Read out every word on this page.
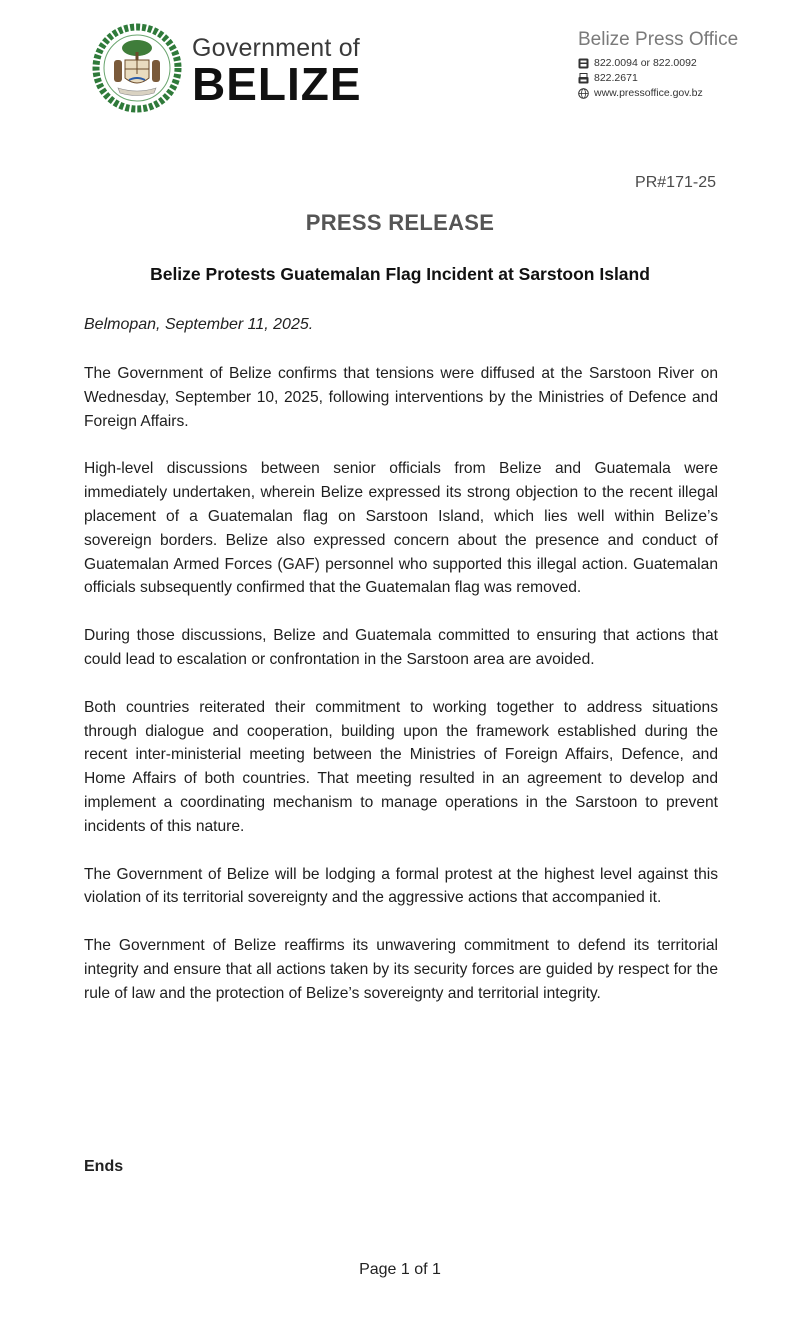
Government of
BELIZE
Belize Press Office
822.0094 or 822.0092
822.2671
www.pressoffice.gov.bz
PR#171-25
PRESS RELEASE
Belize Protests Guatemalan Flag Incident at Sarstoon Island
Belmopan, September 11, 2025.

The Government of Belize confirms that tensions were diffused at the Sarstoon River on Wednesday, September 10, 2025, following interventions by the Ministries of Defence and Foreign Affairs.

High-level discussions between senior officials from Belize and Guatemala were immediately undertaken, wherein Belize expressed its strong objection to the recent illegal placement of a Guatemalan flag on Sarstoon Island, which lies well within Belize’s sovereign borders. Belize also expressed concern about the presence and conduct of Guatemalan Armed Forces (GAF) personnel who supported this illegal action. Guatemalan officials subsequently confirmed that the Guatemalan flag was removed.

During those discussions, Belize and Guatemala committed to ensuring that actions that could lead to escalation or confrontation in the Sarstoon area are avoided.

Both countries reiterated their commitment to working together to address situations through dialogue and cooperation, building upon the framework established during the recent inter-ministerial meeting between the Ministries of Foreign Affairs, Defence, and Home Affairs of both countries. That meeting resulted in an agreement to develop and implement a coordinating mechanism to manage operations in the Sarstoon to prevent incidents of this nature.

The Government of Belize will be lodging a formal protest at the highest level against this violation of its territorial sovereignty and the aggressive actions that accompanied it.

The Government of Belize reaffirms its unwavering commitment to defend its territorial integrity and ensure that all actions taken by its security forces are guided by respect for the rule of law and the protection of Belize’s sovereignty and territorial integrity.

Ends
Page 1 of 1
